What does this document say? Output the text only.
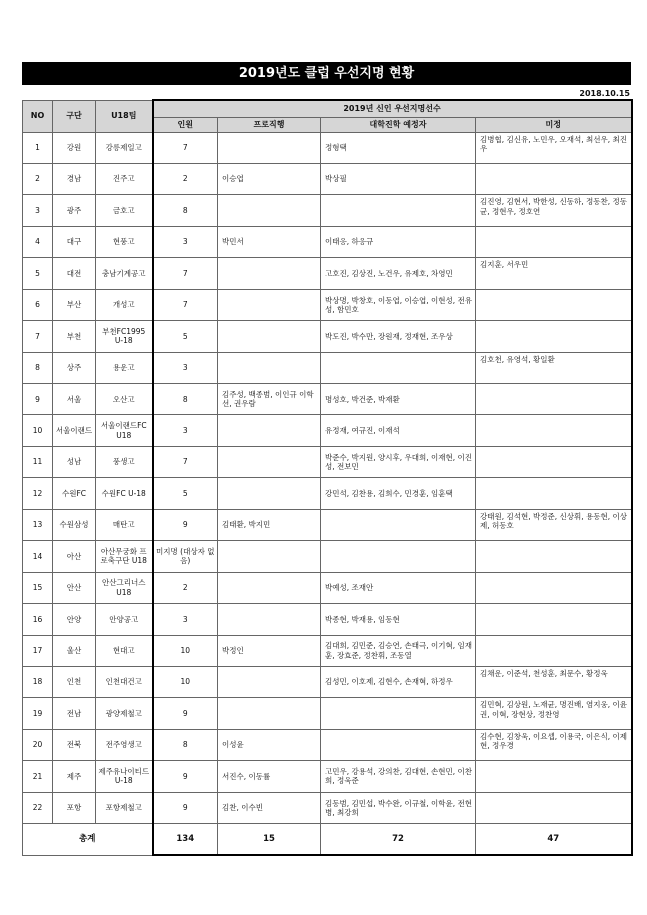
2019년도 클럽 우선지명 현황
2018.10.15
NO	구단	U18팀	2019년 신인 우선지명선수			
			인원	프로직행	대학진학 예정자	미정
1	강원	강릉제일고	7		정형택	김병협, 김신유, 노민우, 오재석, 최선우, 최진우
2	경남	진주고	2	이승엽	박상필	
3	광주	금호고	8			김진영, 김현서, 박한성, 신동하, 정동찬, 정동균, 정현우, 정호연
4	대구	현풍고	3	박민서	이태응, 하응규	
5	대전	충남기계공고	7		고호진, 김상진, 노건우, 유제호, 차영민	김지훈, 서우민
6	부산	개성고	7		박상명, 박창호, 이동엽, 이승엽, 이현성, 전유성, 함민호	
7	부천	부천FC1995 U-18	5		박도진, 박수만, 장원재, 정재현, 조우상	
8	상주	용운고	3			김호천, 유영석, 황일환
9	서울	오산고	8	김주성, 백종범, 이인규 이학선, 권우람	명성호, 박건준, 박재환	
10	서울이랜드	서울이랜드FC U18	3		유정재, 여규진, 이재석	
11	성남	풍생고	7		박준수, 박지원, 양시후, 우대희, 이재현, 이진성, 전보민	
12	수원FC	수원FC U-18	5		강민석, 김찬용, 김희수, 민경훈, 임훈택	
13	수원삼성	매탄고	9	김태환, 박지민		강태원, 김석현, 박정준, 신상휘, 용동현, 이상제, 허동호
14	아산	아산무궁화 프로축구단 U18	미지명 (대상자 없음)			
15	안산	안산그리너스 U18	2		박예성, 조재안	
16	안양	안양공고	3		박종현, 박재용, 임동현	
17	울산	현대고	10	박정인	김대희, 김민준, 김승연, 손태극, 이기혁, 임재훈, 장효준, 정찬휘, 조동열	
18	인천	인천대건고	10		김성민, 이호제, 김현수, 손재혁, 하정우	김채운, 이준석, 천성훈, 최문수, 황정욱
19	전남	광양제철고	9			김민혁, 김상원, 노재균, 명진배, 염지웅, 이윤권, 이혁, 장현상, 정찬영
20	전북	전주영생고	8	이성윤		김수현, 김창욱, 이요셉, 이용국, 이은식, 이제현, 정우경
21	제주	제주유나이티드 U-18	9	서진수, 이동률	고민우, 강용석, 강의찬, 김대현, 손현민, 이찬희, 정욱준	
22	포항	포항제철고	9	김찬, 이수빈	김동범, 김민섭, 박수완, 이규철, 이학윤, 전현병, 최강희	
총계			134	15	72	47
